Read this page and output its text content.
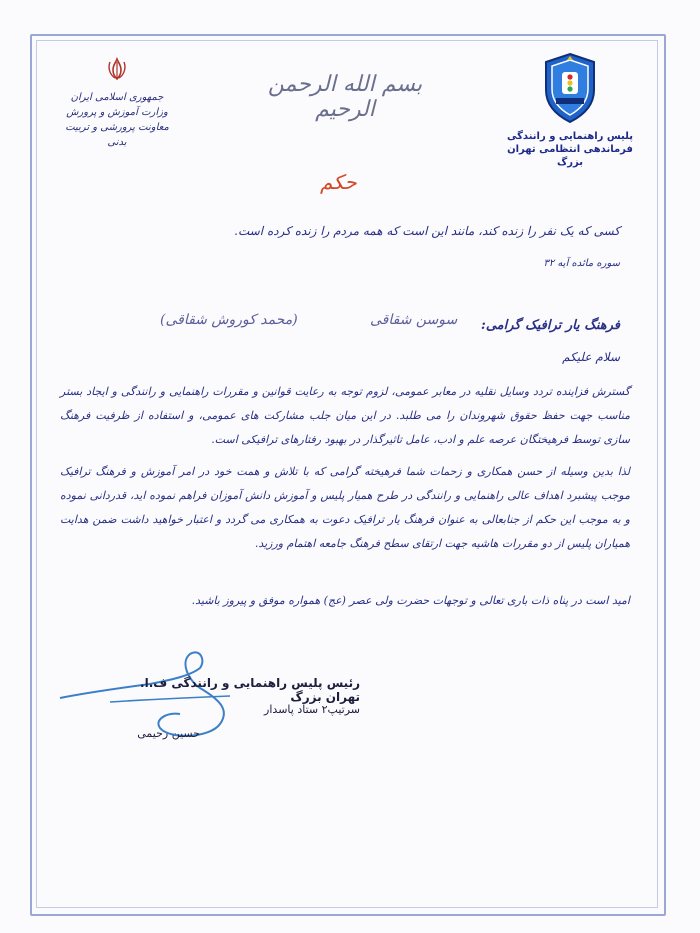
جمهوری اسلامی ایران
وزارت آموزش و پرورش
معاونت پرورشی و تربیت بدنی
بسم الله الرحمن الرحیم
پلیس راهنمایی و رانندگی
فرماندهی انتظامی تهران بزرگ
حکم
کسی که یک نفر را زنده کند، مانند این است که همه مردم را زنده کرده است.
سوره مائده آیه ۳۲
فرهنگ یار ترافیک گرامی:
سوسن شقاقی
(محمد کوروش شقاقی)
سلام علیکم

گسترش فزاینده تردد وسایل نقلیه در معابر عمومی، لزوم توجه به رعایت قوانین و مقررات راهنمایی و رانندگی و ایجاد بستر مناسب جهت حفظ حقوق شهروندان را می طلبد. در این میان جلب مشارکت های عمومی، و استفاده از ظرفیت فرهنگ سازی توسط فرهیختگان عرصه علم و ادب، عامل تاثیرگذار در بهبود رفتارهای ترافیکی است.

لذا بدین وسیله از حسن همکاری و زحمات شما فرهیخته گرامی که با تلاش و همت خود در امر آموزش و فرهنگ ترافیک موجب پیشبرد اهداف عالی راهنمایی و رانندگی در طرح همیار پلیس و آموزش دانش آموزان فراهم نموده اید، قدردانی نموده و به موجب این حکم از جنابعالی به عنوان فرهنگ یار ترافیک دعوت به همکاری می گردد و اعتبار خواهید داشت ضمن هدایت همیاران پلیس از دو مقررات هاشیه جهت ارتقای سطح فرهنگ جامعه اهتمام ورزید.

امید است در پناه ذات باری تعالی و توجهات حضرت ولی عصر (عج) همواره موفق و پیروز باشید.
رئیس پلیس راهنمایی و رانندگی ف.ا. تهران بزرگ
سرتیپ۲ ستاد پاسدار
حسین رحیمی
